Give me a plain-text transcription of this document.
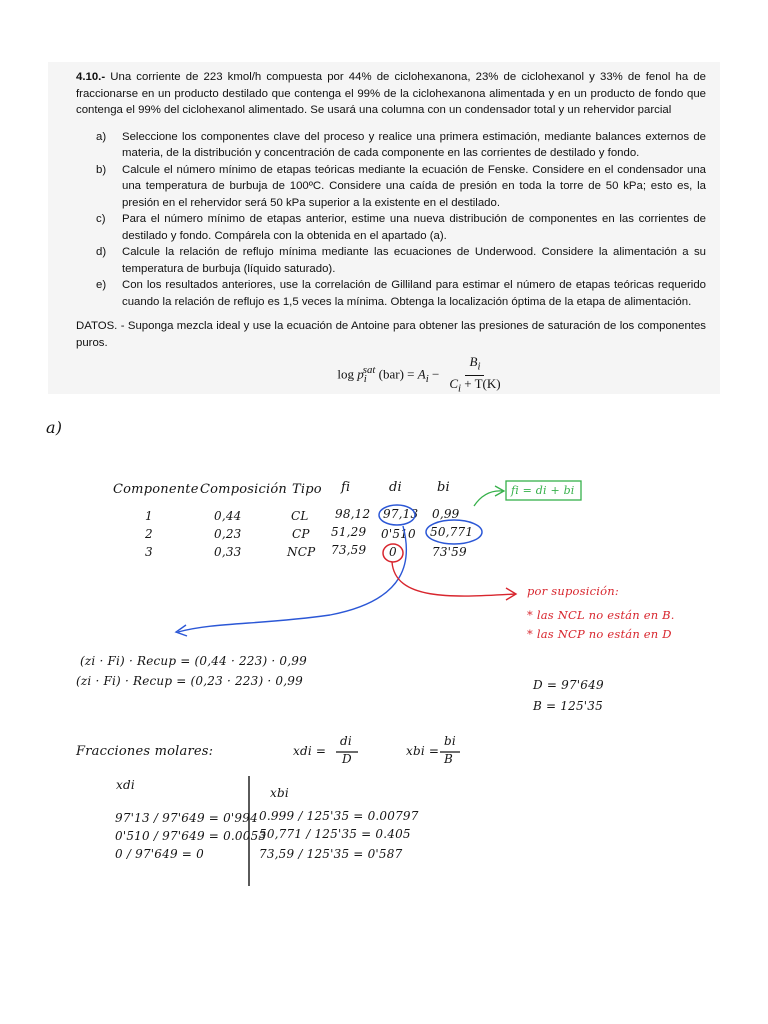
4.10.- Una corriente de 223 kmol/h compuesta por 44% de ciclohexanona, 23% de ciclohexanol y 33% de fenol ha de fraccionarse en un producto destilado que contenga el 99% de la ciclohexanona alimentada y en un producto de fondo que contenga el 99% del ciclohexanol alimentado. Se usará una columna con un condensador total y un rehervidor parcial

a)	Seleccione los componentes clave del proceso y realice una primera estimación, mediante balances externos de materia, de la distribución y concentración de cada componente en las corrientes de destilado y fondo.
b)	Calcule el número mínimo de etapas teóricas mediante la ecuación de Fenske. Considere en el condensador una una temperatura de burbuja de 100ºC. Considere una caída de presión en toda la torre de 50 kPa; esto es, la presión en el rehervidor será 50 kPa superior a la existente en el destilado.
c)	Para el número mínimo de etapas anterior, estime una nueva distribución de componentes en las corrientes de destilado y fondo. Compárela con la obtenida en el apartado (a).
d)	Calcule la relación de reflujo mínima mediante las ecuaciones de Underwood. Considere la alimentación a su temperatura de burbuja (líquido saturado).
e)	Con los resultados anteriores, use la correlación de Gilliland para estimar el número de etapas teóricas requerido cuando la relación de reflujo es 1,5 veces la mínima. Obtenga la localización óptima de la etapa de alimentación.

DATOS. - Suponga mezcla ideal y use la ecuación de Antoine para obtener las presiones de saturación de los componentes puros.

$\log p_i^{sat}$ $(bar) = A_i - \frac{B_i}{C_i + T(K)}$
a)
Componente Composición Tipo fi	di	bi
1	0,44	CL 98,12 97,13 0,99
2	0,23	CP 51,29 0'510 50,771
3	0,33	NCP 73,59 0	73'59
fi = di + bi
por suposición:
* las NCL no están en B.
* las NCP no están en D
(zi · Fi) · Recup = (0,44 · 223) · 0,99
(zi · Fi) · Recup = (0,23 · 223) · 0,99	D = 97'649
B = 125'35
Fracciones molares:	xdi =
di
D
xbi =
bi
B
xdi
xbi
97'13 / 97'649 = 0'994
0'510 / 97'649 = 0.0053
0 / 97'649 = 0
0.999 / 125'35 = 0.00797
50,771 / 125'35 = 0.405
73,59 / 125'35 = 0'587
